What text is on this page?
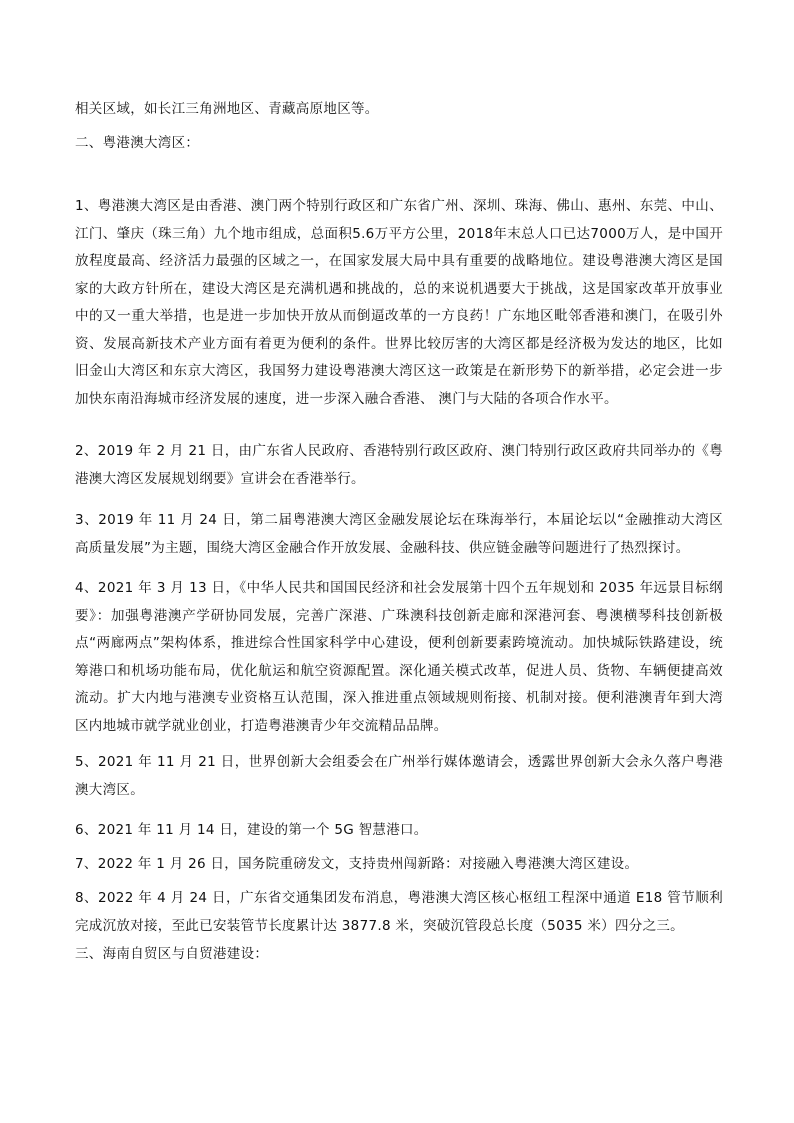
相关区域，如长江三角洲地区、青藏高原地区等。

二、粤港澳大湾区：

1、粤港澳大湾区是由香港、澳门两个特别行政区和广东省广州、深圳、珠海、佛山、惠州、东莞、中山、江门、肇庆（珠三角）九个地市组成，总面积5.6万平方公里，2018年末总人口已达7000万人，是中国开放程度最高、经济活力最强的区域之一，在国家发展大局中具有重要的战略地位。建设粤港澳大湾区是国家的大政方针所在，建设大湾区是充满机遇和挑战的，总的来说机遇要大于挑战，这是国家改革开放事业中的又一重大举措，也是进一步加快开放从而倒逼改革的一方良药！广东地区毗邻香港和澳门，在吸引外资、发展高新技术产业方面有着更为便利的条件。世界比较厉害的大湾区都是经济极为发达的地区，比如旧金山大湾区和东京大湾区，我国努力建设粤港澳大湾区这一政策是在新形势下的新举措，必定会进一步加快东南沿海城市经济发展的速度，进一步深入融合香港、 澳门与大陆的各项合作水平。

2、2019 年 2 月 21 日，由广东省人民政府、香港特别行政区政府、澳门特别行政区政府共同举办的《粤港澳大湾区发展规划纲要》宣讲会在香港举行。

3、2019 年 11 月 24 日，第二届粤港澳大湾区金融发展论坛在珠海举行，本届论坛以“金融推动大湾区高质量发展”为主题，围绕大湾区金融合作开放发展、金融科技、供应链金融等问题进行了热烈探讨。

4、2021 年 3 月 13 日，《中华人民共和国国民经济和社会发展第十四个五年规划和 2035 年远景目标纲要》：加强粤港澳产学研协同发展，完善广深港、广珠澳科技创新走廊和深港河套、粤澳横琴科技创新极点“两廊两点”架构体系，推进综合性国家科学中心建设，便利创新要素跨境流动。加快城际铁路建设，统筹港口和机场功能布局，优化航运和航空资源配置。深化通关模式改革，促进人员、货物、车辆便捷高效流动。扩大内地与港澳专业资格互认范围，深入推进重点领域规则衔接、机制对接。便利港澳青年到大湾区内地城市就学就业创业，打造粤港澳青少年交流精品品牌。

5、2021 年 11 月 21 日，世界创新大会组委会在广州举行媒体邀请会，透露世界创新大会永久落户粤港澳大湾区。

6、2021 年 11 月 14 日，建设的第一个 5G 智慧港口。

7、2022 年 1 月 26 日，国务院重磅发文，支持贵州闯新路：对接融入粤港澳大湾区建设。

8、2022 年 4 月 24 日，广东省交通集团发布消息，粤港澳大湾区核心枢纽工程深中通道 E18 管节顺利完成沉放对接，至此已安装管节长度累计达 3877.8 米，突破沉管段总长度（5035 米）四分之三。

三、海南自贸区与自贸港建设：
